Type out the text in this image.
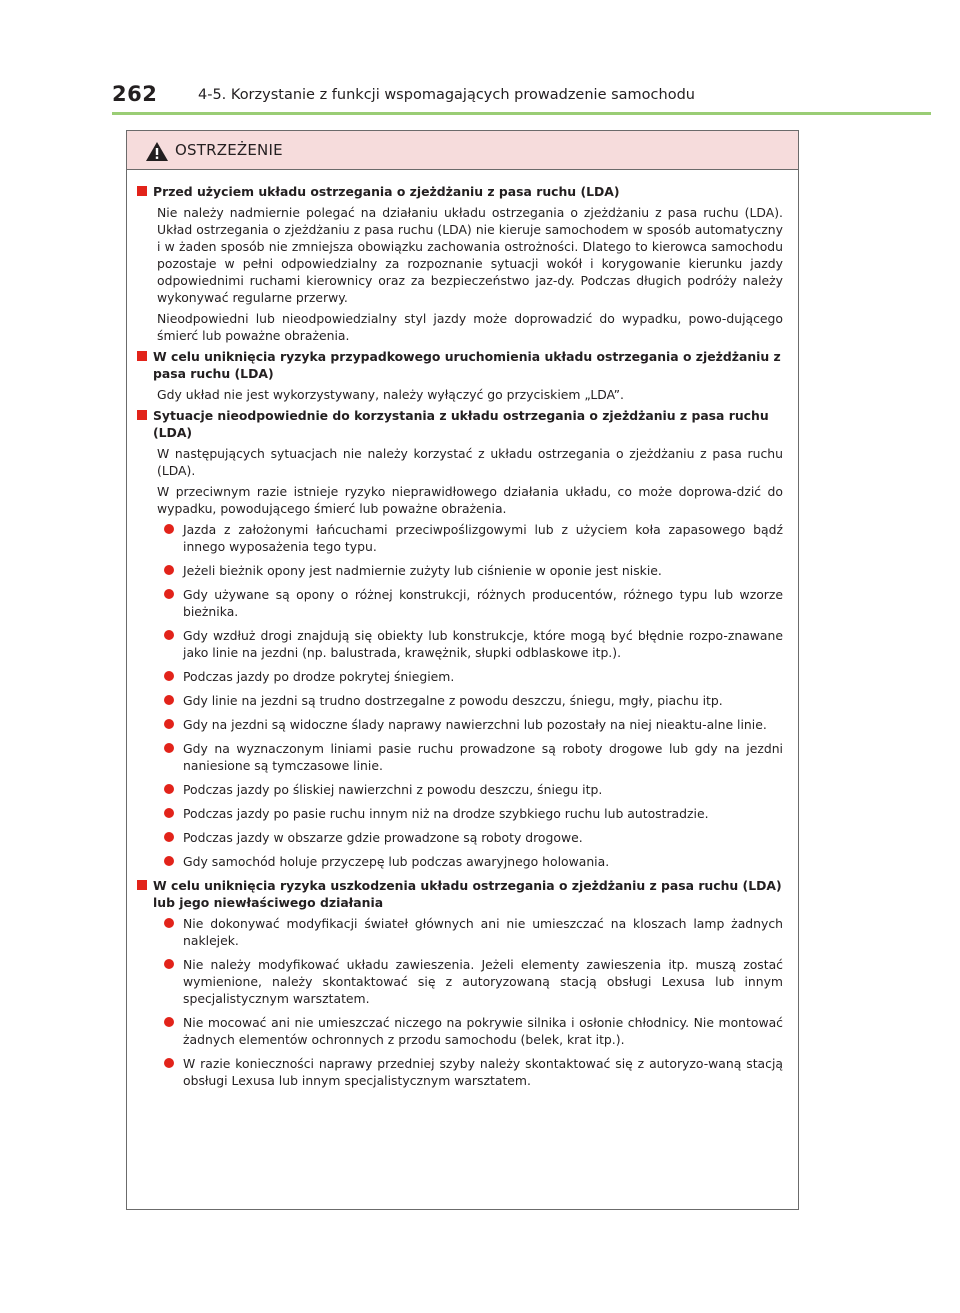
262	4-5. Korzystanie z funkcji wspomagających prowadzenie samochodu
OSTRZEŻENIE
Przed użyciem układu ostrzegania o zjeżdżaniu z pasa ruchu (LDA)

Nie należy nadmiernie polegać na działaniu układu ostrzegania o zjeżdżaniu z pasa ruchu (LDA). Układ ostrzegania o zjeżdżaniu z pasa ruchu (LDA) nie kieruje samochodem w sposób automatyczny i w żaden sposób nie zmniejsza obowiązku zachowania ostrożności. Dlatego to kierowca samochodu pozostaje w pełni odpowiedzialny za rozpoznanie sytuacji wokół i korygowanie kierunku jazdy odpowiednimi ruchami kierownicy oraz za bezpieczeństwo jaz-dy. Podczas długich podróży należy wykonywać regularne przerwy.

Nieodpowiedni lub nieodpowiedzialny styl jazdy może doprowadzić do wypadku, powo-dującego śmierć lub poważne obrażenia.

W celu uniknięcia ryzyka przypadkowego uruchomienia układu ostrzegania o zjeżdżaniu z pasa ruchu (LDA)

Gdy układ nie jest wykorzystywany, należy wyłączyć go przyciskiem „LDA”.

Sytuacje nieodpowiednie do korzystania z układu ostrzegania o zjeżdżaniu z pasa ruchu (LDA)

W następujących sytuacjach nie należy korzystać z układu ostrzegania o zjeżdżaniu z pasa ruchu (LDA).

W przeciwnym razie istnieje ryzyko nieprawidłowego działania układu, co może doprowa-dzić do wypadku, powodującego śmierć lub poważne obrażenia.

Jazda z założonymi łańcuchami przeciwpoślizgowymi lub z użyciem koła zapasowego bądź innego wyposażenia tego typu.
Jeżeli bieżnik opony jest nadmiernie zużyty lub ciśnienie w oponie jest niskie.
Gdy używane są opony o różnej konstrukcji, różnych producentów, różnego typu lub wzorze bieżnika.
Gdy wzdłuż drogi znajdują się obiekty lub konstrukcje, które mogą być błędnie rozpo-znawane jako linie na jezdni (np. balustrada, krawężnik, słupki odblaskowe itp.).
Podczas jazdy po drodze pokrytej śniegiem.
Gdy linie na jezdni są trudno dostrzegalne z powodu deszczu, śniegu, mgły, piachu itp.
Gdy na jezdni są widoczne ślady naprawy nawierzchni lub pozostały na niej nieaktu-alne linie.
Gdy na wyznaczonym liniami pasie ruchu prowadzone są roboty drogowe lub gdy na jezdni naniesione są tymczasowe linie.
Podczas jazdy po śliskiej nawierzchni z powodu deszczu, śniegu itp.
Podczas jazdy po pasie ruchu innym niż na drodze szybkiego ruchu lub autostradzie.
Podczas jazdy w obszarze gdzie prowadzone są roboty drogowe.
Gdy samochód holuje przyczepę lub podczas awaryjnego holowania.
W celu uniknięcia ryzyka uszkodzenia układu ostrzegania o zjeżdżaniu z pasa ruchu (LDA) lub jego niewłaściwego działania
Nie dokonywać modyfikacji świateł głównych ani nie umieszczać na kloszach lamp żadnych naklejek.
Nie należy modyfikować układu zawieszenia. Jeżeli elementy zawieszenia itp. muszą zostać wymienione, należy skontaktować się z autoryzowaną stacją obsługi Lexusa lub innym specjalistycznym warsztatem.
Nie mocować ani nie umieszczać niczego na pokrywie silnika i osłonie chłodnicy. Nie montować żadnych elementów ochronnych z przodu samochodu (belek, krat itp.).
W razie konieczności naprawy przedniej szyby należy skontaktować się z autoryzo-waną stacją obsługi Lexusa lub innym specjalistycznym warsztatem.
